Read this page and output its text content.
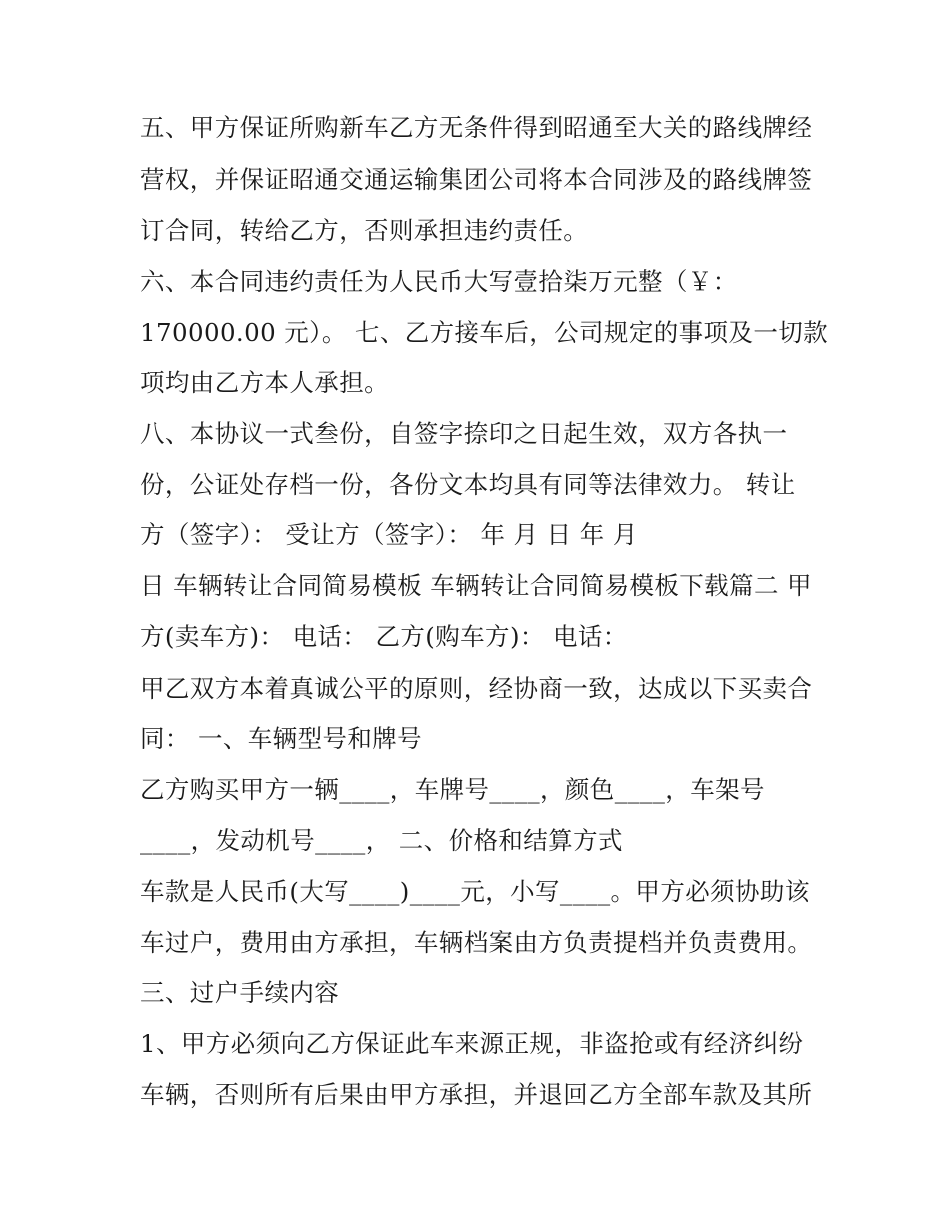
五、甲方保证所购新车乙方无条件得到昭通至大关的路线牌经
营权，并保证昭通交通运输集团公司将本合同涉及的路线牌签
订合同，转给乙方，否则承担违约责任。
六、本合同违约责任为人民币大写壹拾柒万元整（￥：
170000.00 元）。 七、乙方接车后，公司规定的事项及一切款
项均由乙方本人承担。
八、本协议一式叁份，自签字捺印之日起生效，双方各执一
份，公证处存档一份，各份文本均具有同等法律效力。 转让
方（签字）： 受让方（签字）： 年 月 日 年 月
日 车辆转让合同简易模板 车辆转让合同简易模板下载篇二 甲
方(卖车方)： 电话： 乙方(购车方)： 电话：
甲乙双方本着真诚公平的原则，经协商一致，达成以下买卖合
同： 一、车辆型号和牌号
乙方购买甲方一辆____，车牌号____，颜色____，车架号
____，发动机号____， 二、价格和结算方式
车款是人民币(大写____)____元，小写____。甲方必须协助该
车过户，费用由方承担，车辆档案由方负责提档并负责费用。
三、过户手续内容
1、甲方必须向乙方保证此车来源正规，非盗抢或有经济纠纷
车辆，否则所有后果由甲方承担，并退回乙方全部车款及其所
